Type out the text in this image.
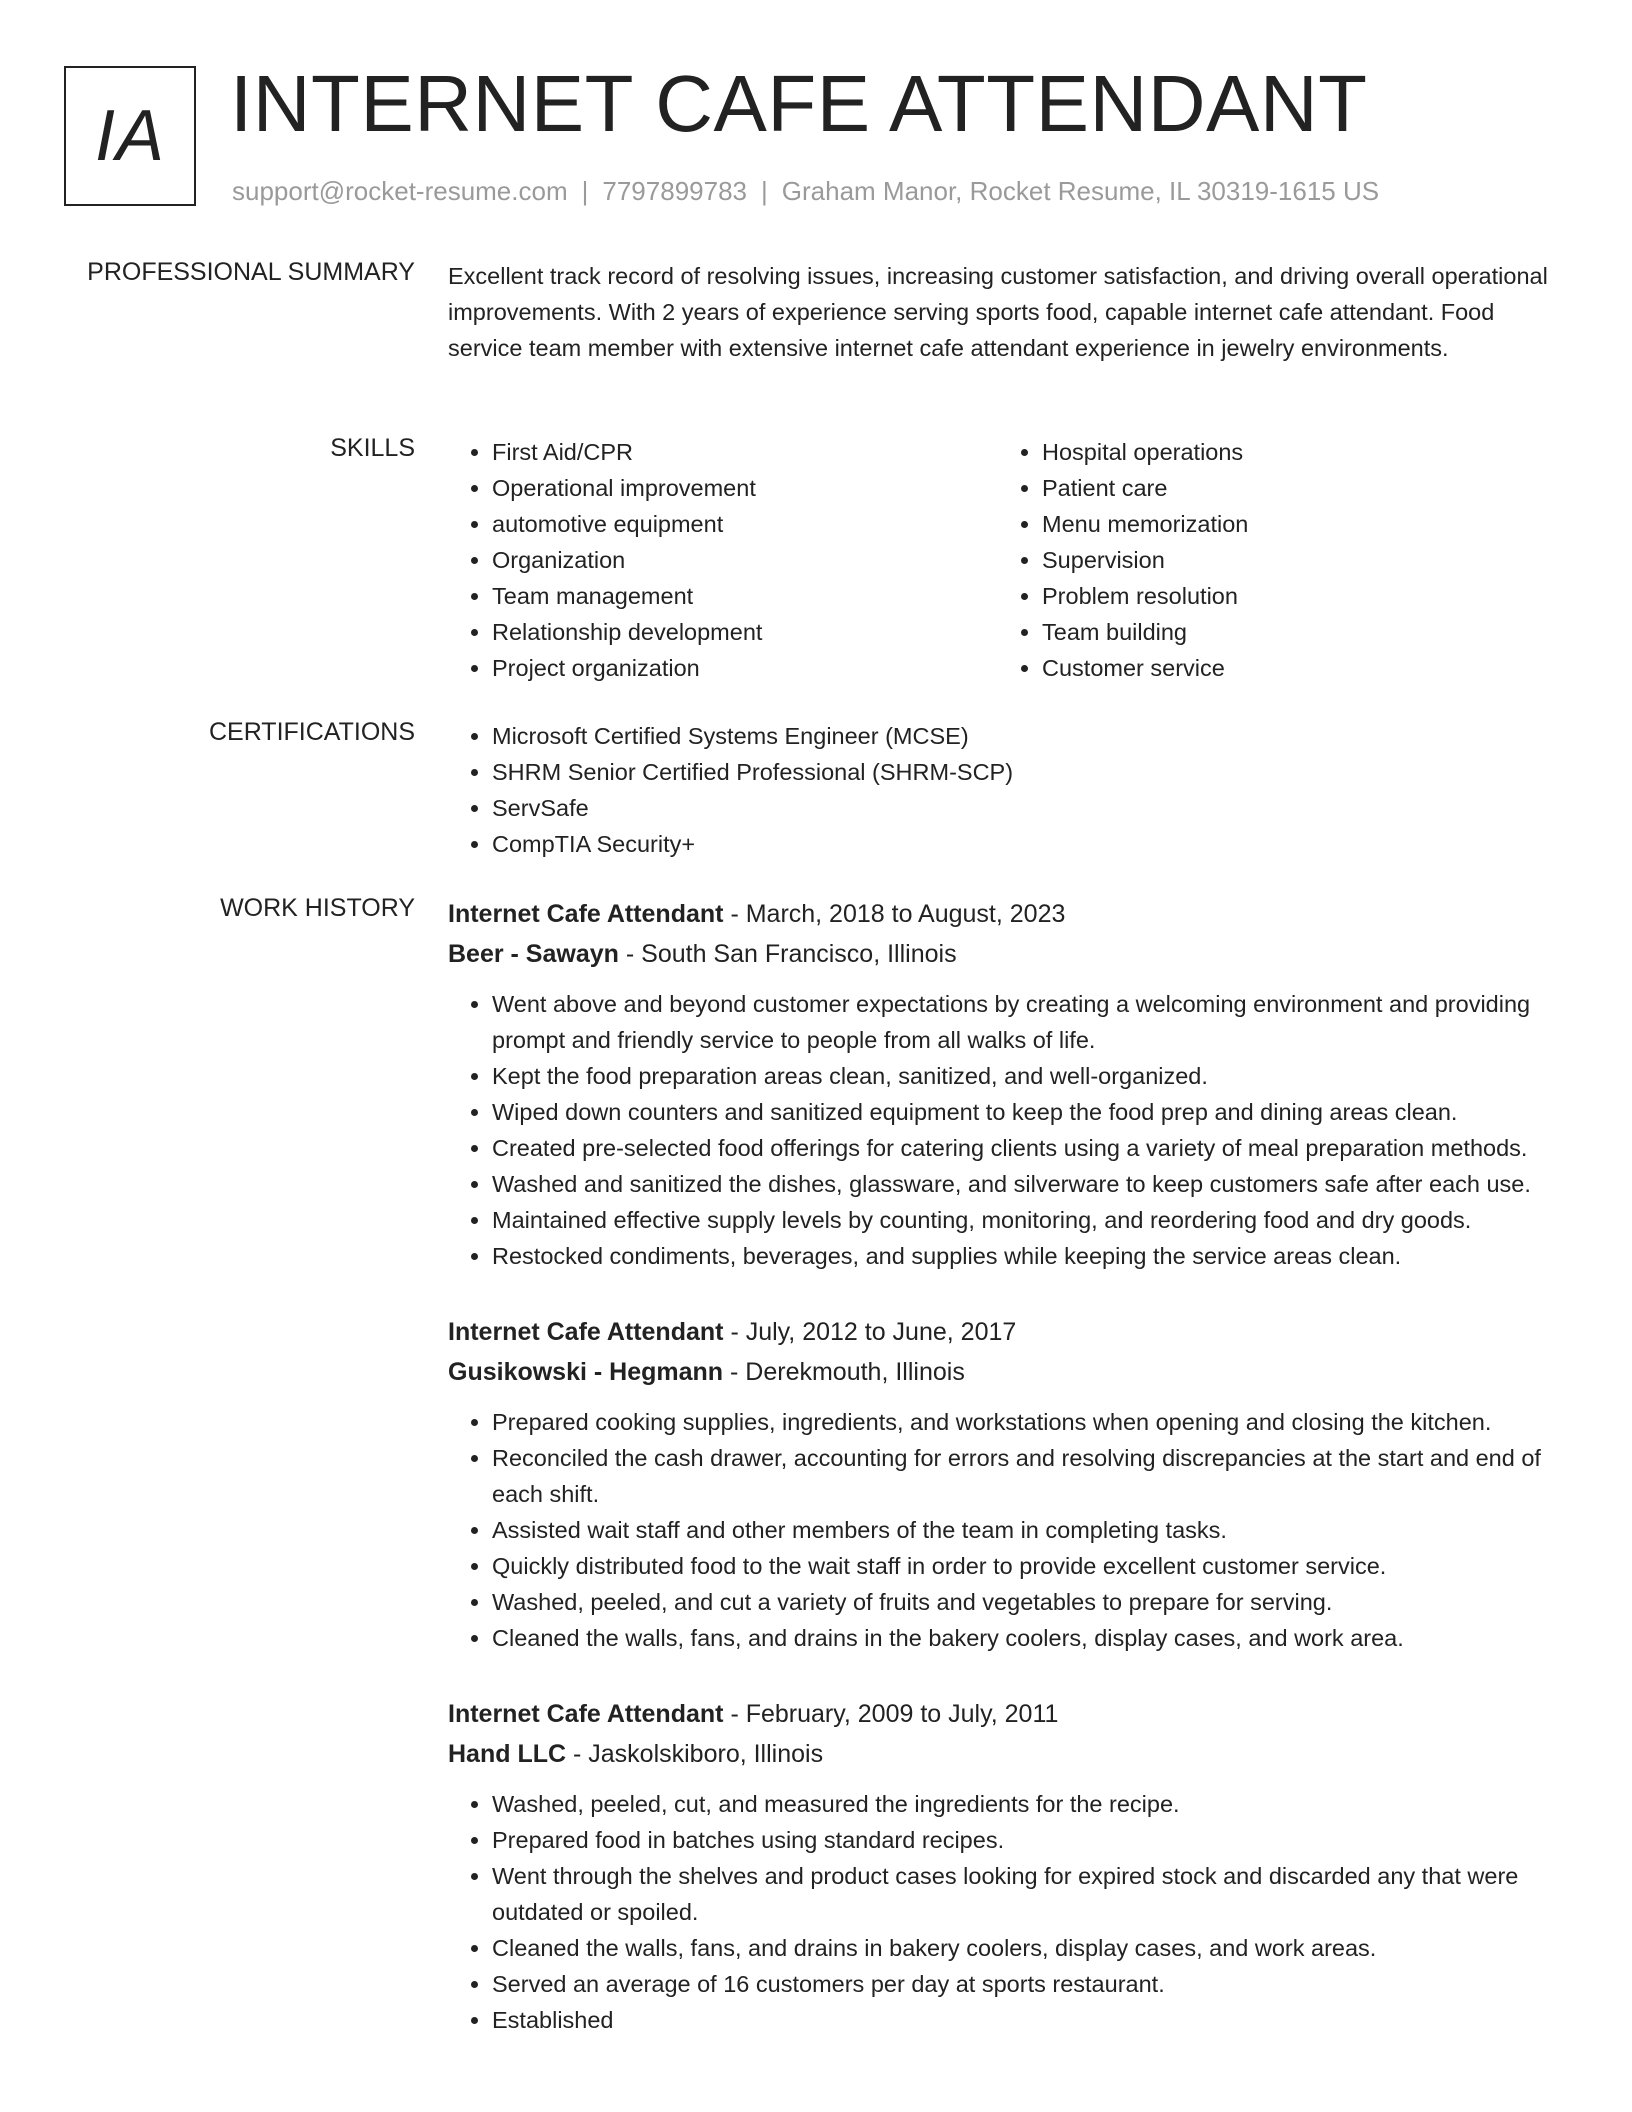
IA INTERNET CAFE ATTENDANT
support@rocket-resume.com | 7797899783 | Graham Manor, Rocket Resume, IL 30319-1615 US
PROFESSIONAL SUMMARY Excellent track record of resolving issues, increasing customer satisfaction, and driving overall operational improvements. With 2 years of experience serving sports food, capable internet cafe attendant. Food service team member with extensive internet cafe attendant experience in jewelry environments.

SKILLS	• First Aid/CPR
• Operational improvement
• automotive equipment
• Organization
• Team management
• Relationship development
• Project organization
• Hospital operations
• Patient care
• Menu memorization
• Supervision
• Problem resolution
• Team building
• Customer service
CERTIFICATIONS	• Microsoft Certified Systems Engineer (MCSE)
• SHRM Senior Certified Professional (SHRM-SCP)
• ServSafe
• CompTIA Security+
WORK HISTORY Internet Cafe Attendant - March, 2018 to August, 2023
Beer - Sawayn - South San Francisco, Illinois
• Went above and beyond customer expectations by creating a welcoming environment and providing prompt and friendly service to people from all walks of life.
• Kept the food preparation areas clean, sanitized, and well-organized.
• Wiped down counters and sanitized equipment to keep the food prep and dining areas clean.
• Created pre-selected food offerings for catering clients using a variety of meal preparation methods.
• Washed and sanitized the dishes, glassware, and silverware to keep customers safe after each use.
• Maintained effective supply levels by counting, monitoring, and reordering food and dry goods.
• Restocked condiments, beverages, and supplies while keeping the service areas clean.
Internet Cafe Attendant - July, 2012 to June, 2017
Gusikowski - Hegmann - Derekmouth, Illinois
• Prepared cooking supplies, ingredients, and workstations when opening and closing the kitchen.
• Reconciled the cash drawer, accounting for errors and resolving discrepancies at the start and end of each shift.
• Assisted wait staff and other members of the team in completing tasks.
• Quickly distributed food to the wait staff in order to provide excellent customer service.
• Washed, peeled, and cut a variety of fruits and vegetables to prepare for serving.
• Cleaned the walls, fans, and drains in the bakery coolers, display cases, and work area.
Internet Cafe Attendant - February, 2009 to July, 2011
Hand LLC - Jaskolskiboro, Illinois
• Washed, peeled, cut, and measured the ingredients for the recipe.
• Prepared food in batches using standard recipes.
• Went through the shelves and product cases looking for expired stock and discarded any that were outdated or spoiled.
• Cleaned the walls, fans, and drains in bakery coolers, display cases, and work areas.
• Served an average of 16 customers per day at sports restaurant.
• Established
